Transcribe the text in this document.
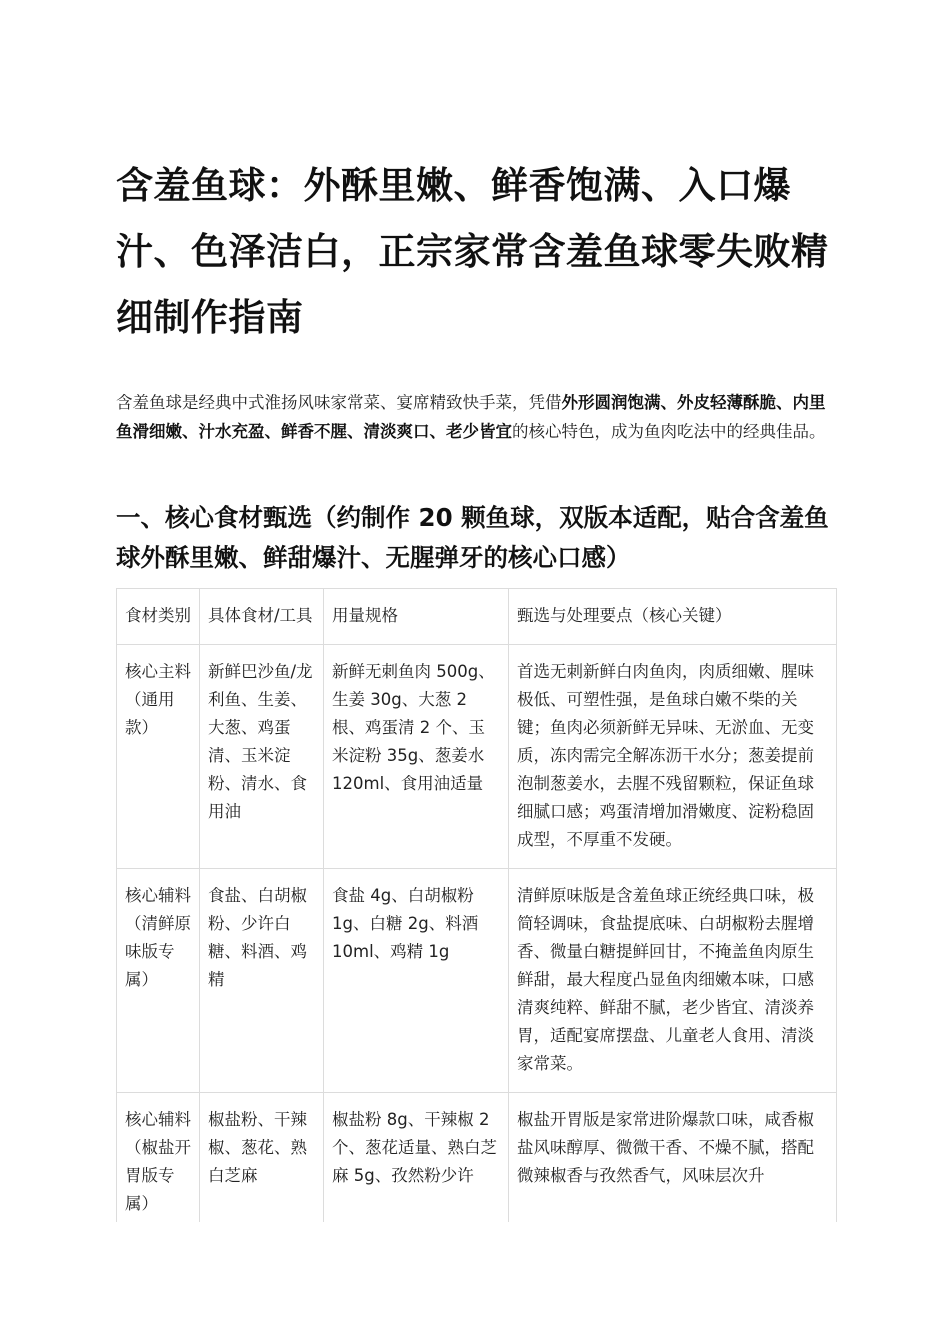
含羞鱼球：外酥里嫩、鲜香饱满、入口爆汁、色泽洁白，正宗家常含羞鱼球零失败精细制作指南

含羞鱼球是经典中式淮扬风味家常菜、宴席精致快手菜，凭借外形圆润饱满、外皮轻薄酥脆、内里鱼滑细嫩、汁水充盈、鲜香不腥、清淡爽口、老少皆宜的核心特色，成为鱼肉吃法中的经典佳品。

一、核心食材甄选（约制作 20 颗鱼球，双版本适配，贴合含羞鱼球外酥里嫩、鲜甜爆汁、无腥弹牙的核心口感）
食材类别	具体食材/工具	用量规格	甄选与处理要点（核心关键）
核心主料（通用款）	新鲜巴沙鱼/龙利鱼、生姜、大葱、鸡蛋清、玉米淀粉、清水、食用油	新鲜无刺鱼肉 500g、生姜 30g、大葱 2 根、鸡蛋清 2 个、玉米淀粉 35g、葱姜水 120ml、食用油适量	首选无刺新鲜白肉鱼肉，肉质细嫩、腥味极低、可塑性强，是鱼球白嫩不柴的关键；鱼肉必须新鲜无异味、无淤血、无变质，冻肉需完全解冻沥干水分；葱姜提前泡制葱姜水，去腥不残留颗粒，保证鱼球细腻口感；鸡蛋清增加滑嫩度、淀粉稳固成型，不厚重不发硬。
核心辅料（清鲜原味版专属）	食盐、白胡椒粉、少许白糖、料酒、鸡精	食盐 4g、白胡椒粉 1g、白糖 2g、料酒 10ml、鸡精 1g	清鲜原味版是含羞鱼球正统经典口味，极简轻调味，食盐提底味、白胡椒粉去腥增香、微量白糖提鲜回甘，不掩盖鱼肉原生鲜甜，最大程度凸显鱼肉细嫩本味，口感清爽纯粹、鲜甜不腻，老少皆宜、清淡养胃，适配宴席摆盘、儿童老人食用、清淡家常菜。
核心辅料（椒盐开胃版专属）	椒盐粉、干辣椒、葱花、熟白芝麻	椒盐粉 8g、干辣椒 2 个、葱花适量、熟白芝麻 5g、孜然粉少许	椒盐开胃版是家常进阶爆款口味，咸香椒盐风味醇厚、微微干香、不燥不腻，搭配微辣椒香与孜然香气，风味层次升
